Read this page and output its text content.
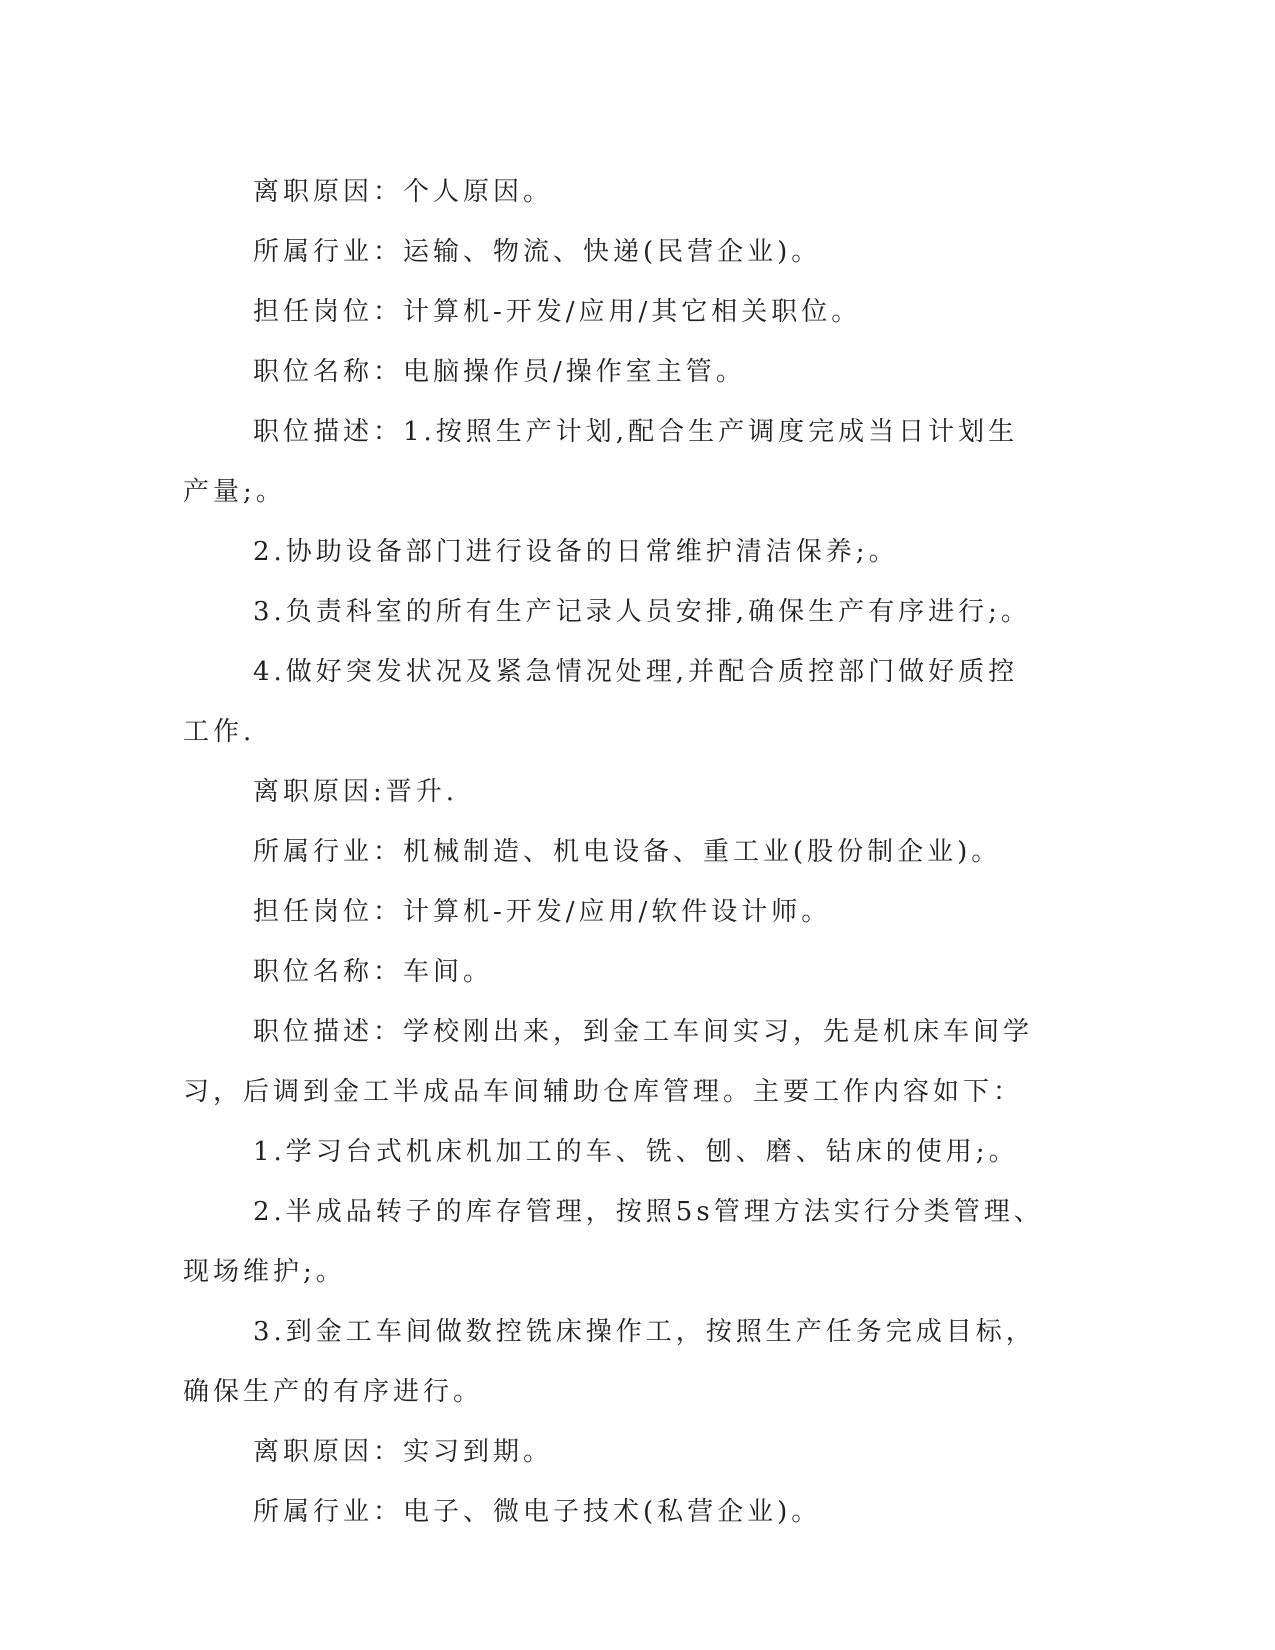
离职原因：个人原因。

所属行业：运输、物流、快递(民营企业)。

担任岗位：计算机-开发/应用/其它相关职位。

职位名称：电脑操作员/操作室主管。

职位描述：1.按照生产计划,配合生产调度完成当日计划生产量;。

2.协助设备部门进行设备的日常维护清洁保养;。

3.负责科室的所有生产记录人员安排,确保生产有序进行;。

4.做好突发状况及紧急情况处理,并配合质控部门做好质控工作.

离职原因:晋升.

所属行业：机械制造、机电设备、重工业(股份制企业)。

担任岗位：计算机-开发/应用/软件设计师。

职位名称：车间。

职位描述：学校刚出来，到金工车间实习，先是机床车间学习，后调到金工半成品车间辅助仓库管理。主要工作内容如下：

1.学习台式机床机加工的车、铣、刨、磨、钻床的使用;。

2.半成品转子的库存管理，按照5s管理方法实行分类管理、现场维护;。

3.到金工车间做数控铣床操作工，按照生产任务完成目标，确保生产的有序进行。

离职原因：实习到期。

所属行业：电子、微电子技术(私营企业)。
